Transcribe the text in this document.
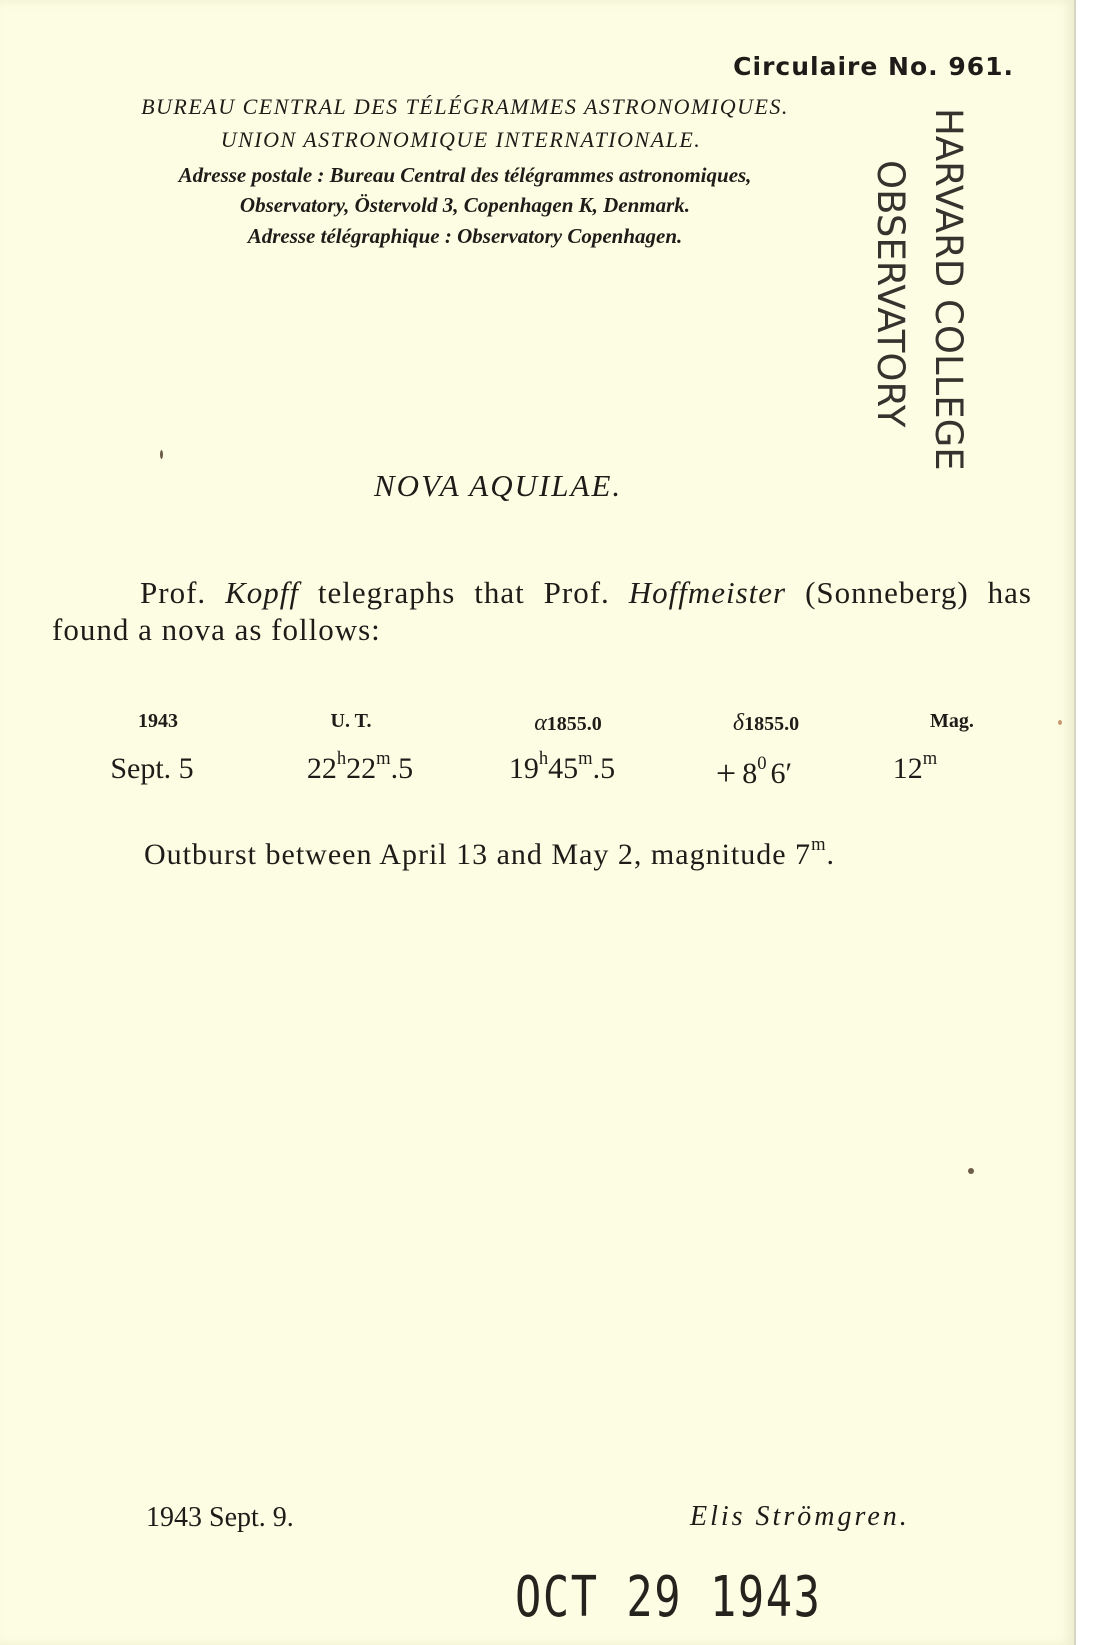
Circulaire No. 961.
BUREAU CENTRAL DES TÉLÉGRAMMES ASTRONOMIQUES.
UNION ASTRONOMIQUE INTERNATIONALE.
Adresse postale : Bureau Central des télégrammes astronomiques,
Observatory, Östervold 3, Copenhagen K, Denmark.
Adresse télégraphique : Observatory Copenhagen.	HARVARD COLLEGE
OBSERVATORY
NOVA AQUILAE.
Prof. Kopff telegraphs that Prof. Hoffmeister (Sonneberg) has found a nova as follows:
1943	U. T.	α1855.0	δ1855.0	Mag.
Sept. 5	22$^h$22$^m$.5	$19^h45^m.5$	+ $8^0$ 6′	12$^m$
Outburst between April 13 and May 2, magnitude 7$^m$.
1943 Sept. 9.	Elis Strömgren.
OCT 29 1943
